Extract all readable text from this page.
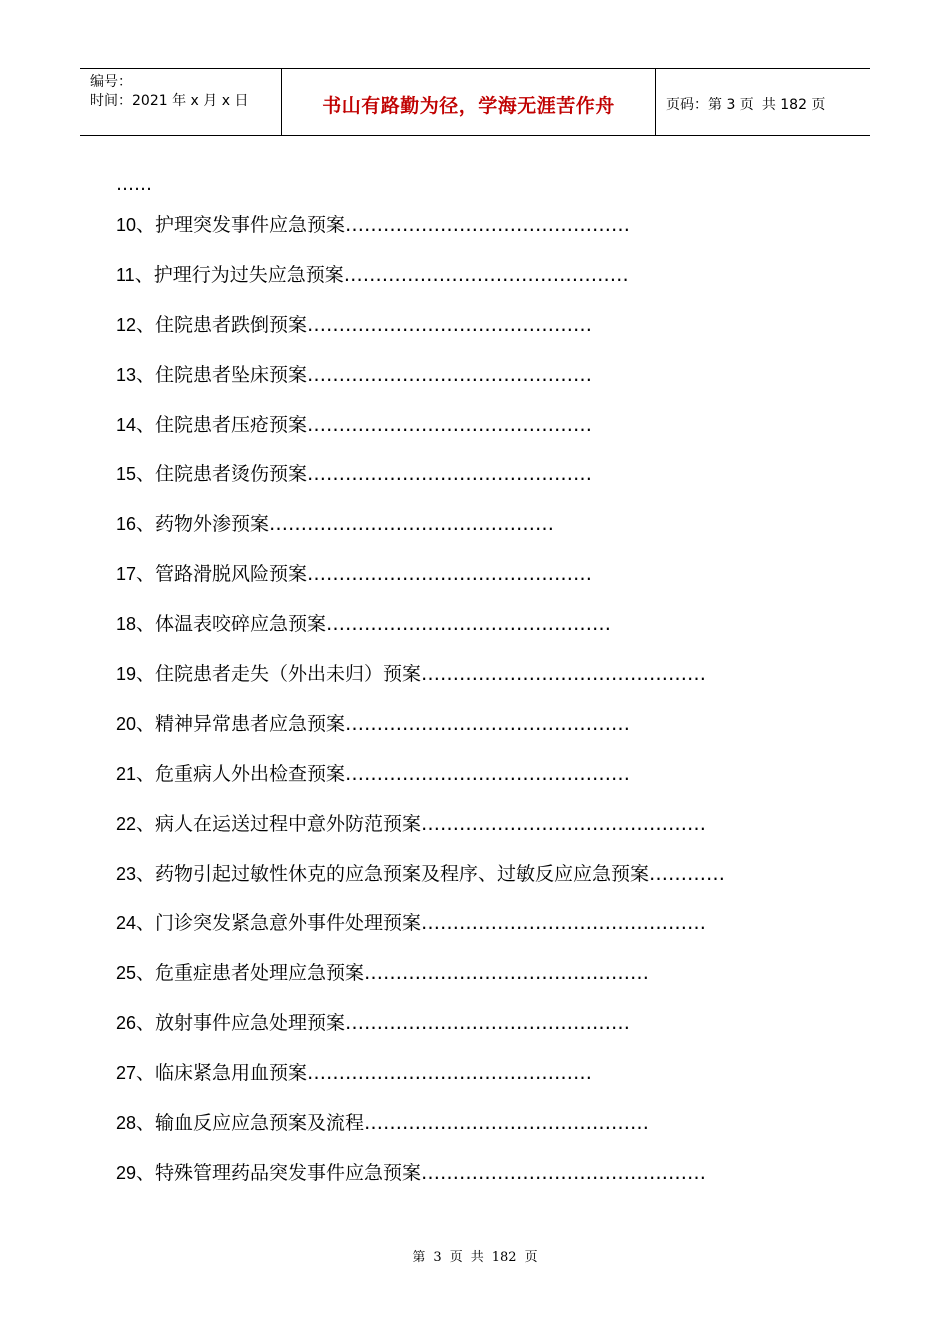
编号：
时间：2021 年 x 月 x 日	书山有路勤为径，学海无涯苦作舟	页码： 第 3 页 共 182 页
……
10、护理突发事件应急预案………………………………………
11、护理行为过失应急预案………………………………………
12、住院患者跌倒预案………………………………………
13、住院患者坠床预案………………………………………
14、住院患者压疮预案………………………………………
15、住院患者烫伤预案………………………………………
16、药物外渗预案………………………………………
17、管路滑脱风险预案………………………………………
18、体温表咬碎应急预案………………………………………
19、住院患者走失（外出未归）预案………………………………………
20、精神异常患者应急预案………………………………………
21、危重病人外出检查预案………………………………………
22、病人在运送过程中意外防范预案………………………………………
23、药物引起过敏性休克的应急预案及程序、过敏反应应急预案…………
24、门诊突发紧急意外事件处理预案………………………………………
25、危重症患者处理应急预案………………………………………
26、放射事件应急处理预案………………………………………
27、临床紧急用血预案………………………………………
28、输血反应应急预案及流程………………………………………
29、特殊管理药品突发事件应急预案………………………………………
第 3 页 共 182 页
